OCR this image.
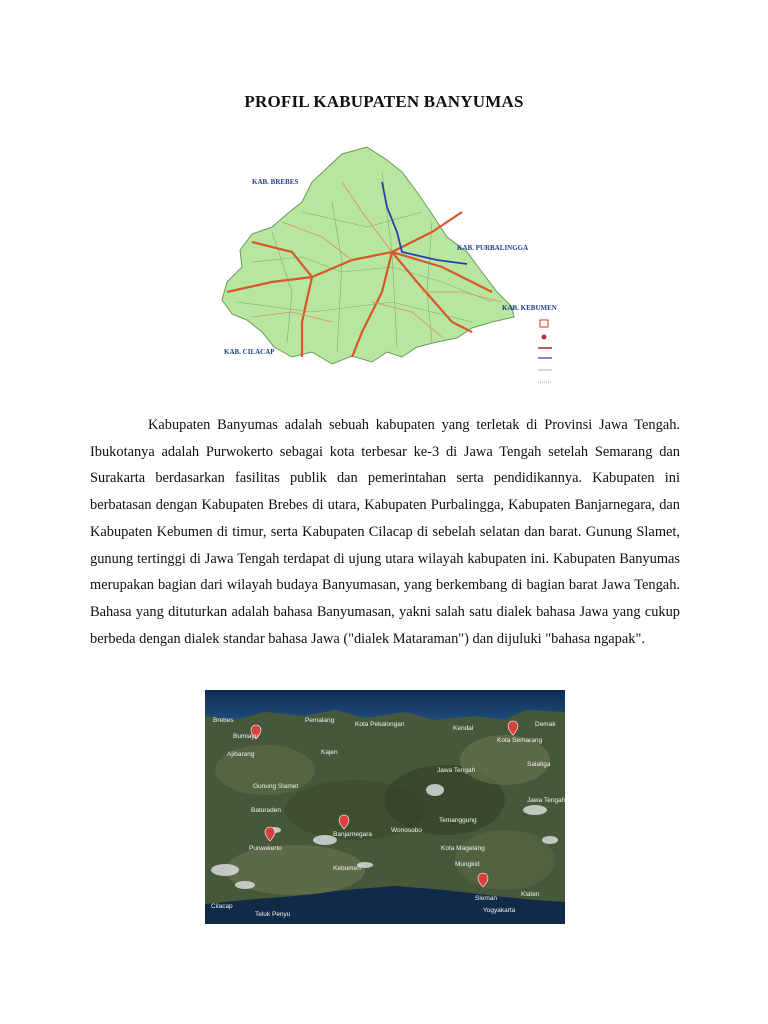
PROFIL KABUPATEN BANYUMAS
KAB. BREBES
KAB. PURBALINGGA
KAB. KEBUMEN
KAB. CILACAP

Kabupaten Banyumas adalah sebuah kabupaten yang terletak di Provinsi Jawa Tengah. Ibukotanya adalah Purwokerto sebagai kota terbesar ke-3 di Jawa Tengah setelah Semarang dan Surakarta berdasarkan fasilitas publik dan pemerintahan serta pendidikannya. Kabupaten ini berbatasan dengan Kabupaten Brebes di utara, Kabupaten Purbalingga, Kabupaten Banjarnegara, dan Kabupaten Kebumen di timur, serta Kabupaten Cilacap di sebelah selatan dan barat. Gunung Slamet, gunung tertinggi di Jawa Tengah terdapat di ujung utara wilayah kabupaten ini. Kabupaten Banyumas merupakan bagian dari wilayah budaya Banyumasan, yang berkembang di bagian barat Jawa Tengah. Bahasa yang dituturkan adalah bahasa Banyumasan, yakni salah satu dialek bahasa Jawa yang cukup berbeda dengan dialek standar bahasa Jawa ("dialek Mataraman") dan dijuluki "bahasa ngapak".

Brebes	Pemalang
Kota Pekalongan
Kendal
Kota Semarang
Demak
Salatiga
Ajibarang
Bumiayu
Kajen
Jawa Tengah
Gunung Slamet
Baturaden
Purwokerto
Banjarnegara
Wonosobo
Temanggung
Kota Magelang
Mungkid
Kebumen
Cilacap
Teluk Penyu
Sleman
Yogyakarta
Klaten
Jawa Tengah
